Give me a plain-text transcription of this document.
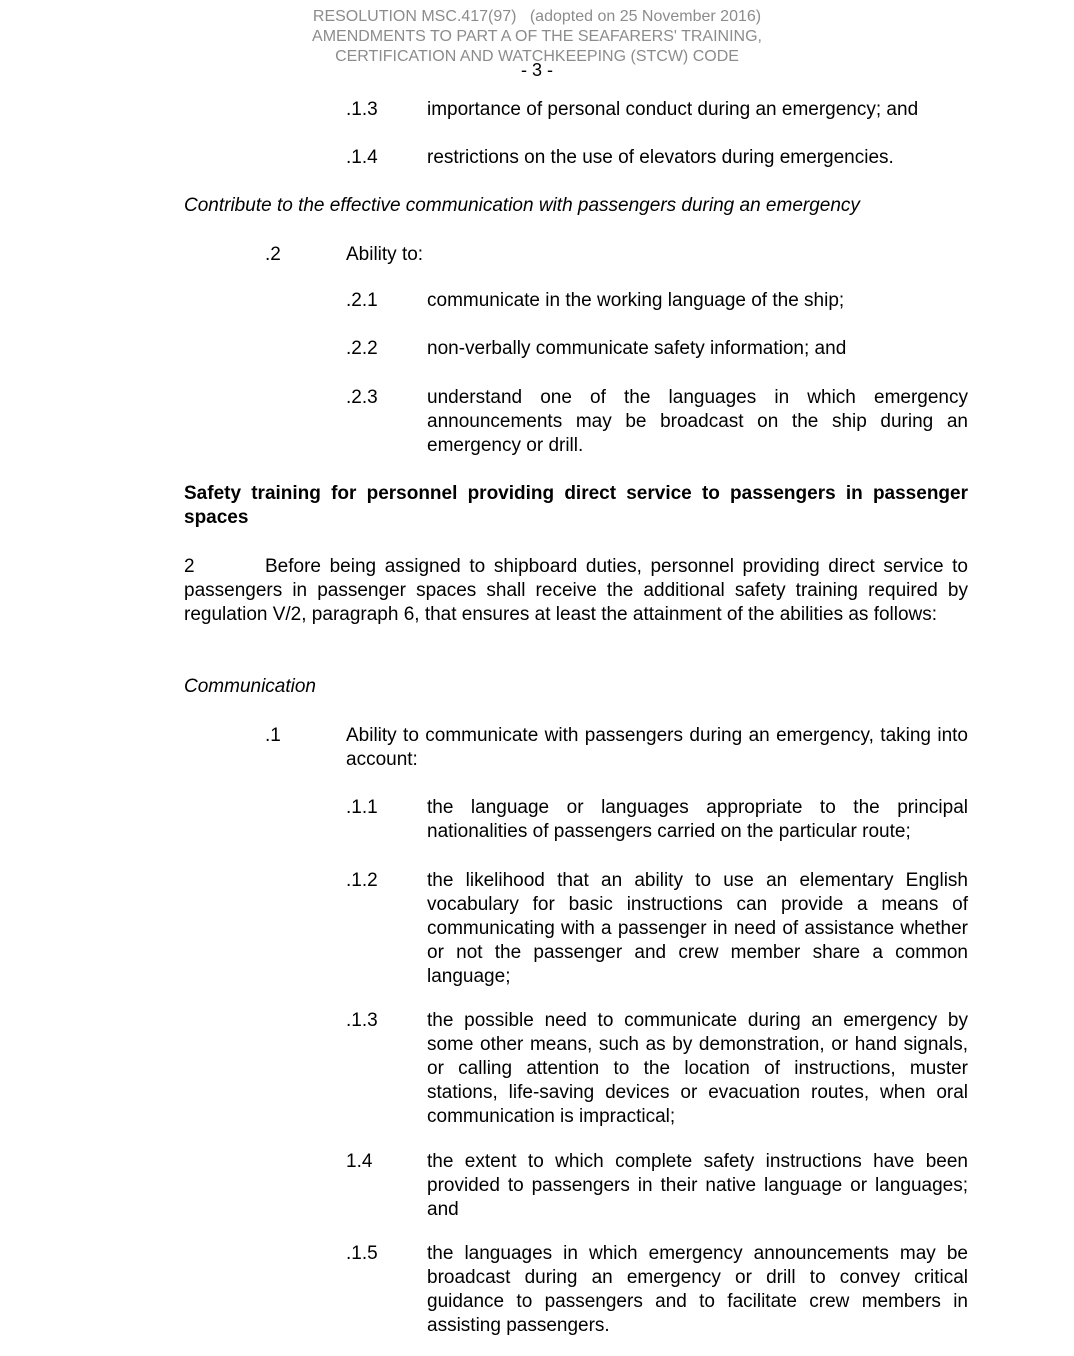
RESOLUTION MSC.417(97)   (adopted on 25 November 2016)
AMENDMENTS TO PART A OF THE SEAFARERS' TRAINING,
CERTIFICATION AND WATCHKEEPING (STCW) CODE
- 3 -
.1.3	importance of personal conduct during an emergency; and
.1.4	restrictions on the use of elevators during emergencies.
Contribute to the effective communication with passengers during an emergency
.2	Ability to:
.2.1	communicate in the working language of the ship;
.2.2	non-verbally communicate safety information; and
.2.3	understand one of the languages in which emergency announcements may be broadcast on the ship during an emergency or drill.
Safety training for personnel providing direct service to passengers in passenger spaces
2	Before being assigned to shipboard duties, personnel providing direct service to passengers in passenger spaces shall receive the additional safety training required by regulation V/2, paragraph 6, that ensures at least the attainment of the abilities as follows:
Communication
.1	Ability to communicate with passengers during an emergency, taking into account:
.1.1	the language or languages appropriate to the principal nationalities of passengers carried on the particular route;
.1.2	the likelihood that an ability to use an elementary English vocabulary for basic instructions can provide a means of communicating with a passenger in need of assistance whether or not the passenger and crew member share a common language;
.1.3	the possible need to communicate during an emergency by some other means, such as by demonstration, or hand signals, or calling attention to the location of instructions, muster stations, life-saving devices or evacuation routes, when oral communication is impractical;
1.4	the extent to which complete safety instructions have been provided to passengers in their native language or languages; and
.1.5	the languages in which emergency announcements may be broadcast during an emergency or drill to convey critical guidance to passengers and to facilitate crew members in assisting passengers.
